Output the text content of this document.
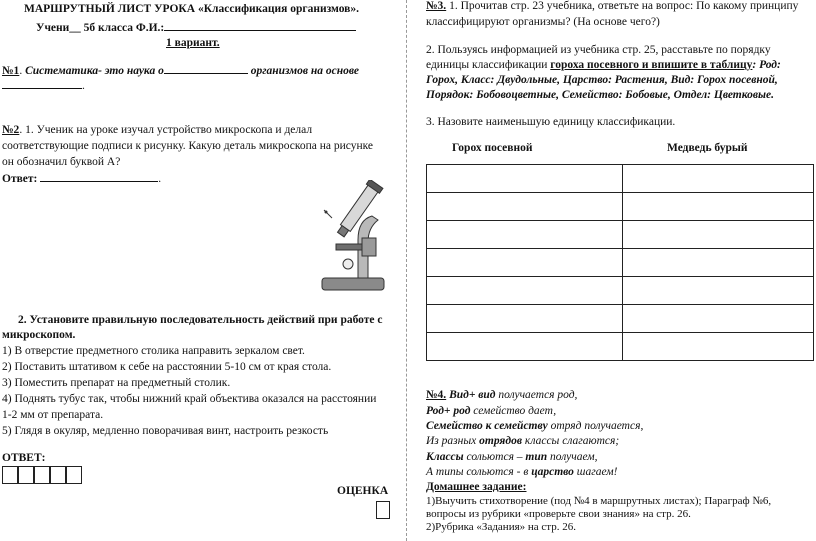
МАРШРУТНЫЙ ЛИСТ УРОКА «Классификация организмов».
Учени__ 5б класса Ф.И.:
1 вариант.
№1. Систематика- это наука о	организмов на основе
.
№2. 1. Ученик на уроке изучал устройство микроскопа и делал
соответствующие подписи к рисунку. Какую деталь микроскопа на рисунке
он обозначил буквой А?
Ответ:	.
2. Установите правильную последовательность действий при работе с
микроскопом.
1) В отверстие предметного столика направить зеркалом свет.
2) Поставить штативом к себе на расстоянии 5-10 см от края стола.
3) Поместить препарат на предметный столик.
4) Поднять тубус так, чтобы нижний край объектива оказался на расстоянии
1-2 мм от препарата.
5) Глядя в окуляр, медленно поворачивая винт, настроить резкость
ОТВЕТ:
ОЦЕНКА
№3. 1. Прочитав стр. 23 учебника, ответьте на вопрос: По какому принципу
классифицируют организмы? (На основе чего?)
2. Пользуясь информацией из учебника стр. 25, расставьте по порядку
единицы классификации гороха посевного и впишите в таблицу: Род:
Горох, Класс: Двудольные, Царство: Растения, Вид: Горох посевной,
Порядок: Бобовоцветные, Семейство: Бобовые, Отдел: Цветковые.
3. Назовите наименьшую единицу классификации.
Горох посевной	Медведь бурый

№4. Вид+ вид получается род,
Род+ род семейство дает,
Семейство к семейству отряд получается,
Из разных отрядов классы слагаются;
Классы сольются – тип получаем,
А типы сольются - в царство шагаем!
Домашнее задание:
1)Выучить стихотворение (под №4 в маршрутных листах); Параграф №6,
вопросы из рубрики «проверьте свои знания» на стр. 26.
2)Рубрика «Задания» на стр. 26.
